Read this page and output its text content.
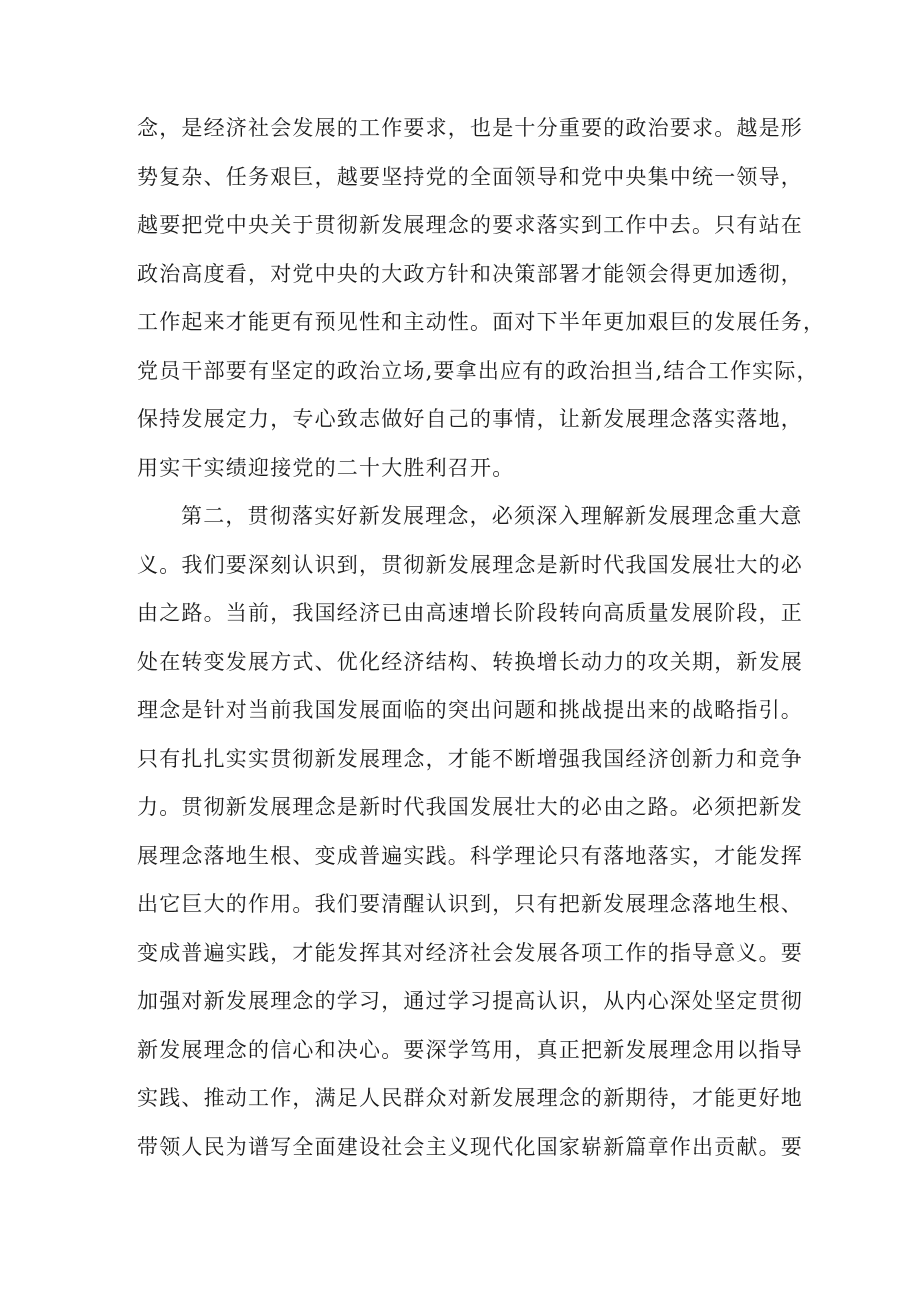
念，是经济社会发展的工作要求，也是十分重要的政治要求。越是形
势复杂、任务艰巨，越要坚持党的全面领导和党中央集中统一领导，
越要把党中央关于贯彻新发展理念的要求落实到工作中去。只有站在
政治高度看，对党中央的大政方针和决策部署才能领会得更加透彻，
工作起来才能更有预见性和主动性。面对下半年更加艰巨的发展任务，
党员干部要有坚定的政治立场,要拿出应有的政治担当,结合工作实际，
保持发展定力，专心致志做好自己的事情，让新发展理念落实落地，
用实干实绩迎接党的二十大胜利召开。
第二，贯彻落实好新发展理念，必须深入理解新发展理念重大意
义。我们要深刻认识到，贯彻新发展理念是新时代我国发展壮大的必
由之路。当前，我国经济已由高速增长阶段转向高质量发展阶段，正
处在转变发展方式、优化经济结构、转换增长动力的攻关期，新发展
理念是针对当前我国发展面临的突出问题和挑战提出来的战略指引。
只有扎扎实实贯彻新发展理念，才能不断增强我国经济创新力和竞争
力。贯彻新发展理念是新时代我国发展壮大的必由之路。必须把新发
展理念落地生根、变成普遍实践。科学理论只有落地落实，才能发挥
出它巨大的作用。我们要清醒认识到，只有把新发展理念落地生根、
变成普遍实践，才能发挥其对经济社会发展各项工作的指导意义。要
加强对新发展理念的学习，通过学习提高认识，从内心深处坚定贯彻
新发展理念的信心和决心。要深学笃用，真正把新发展理念用以指导
实践、推动工作，满足人民群众对新发展理念的新期待，才能更好地
带领人民为谱写全面建设社会主义现代化国家崭新篇章作出贡献。要
